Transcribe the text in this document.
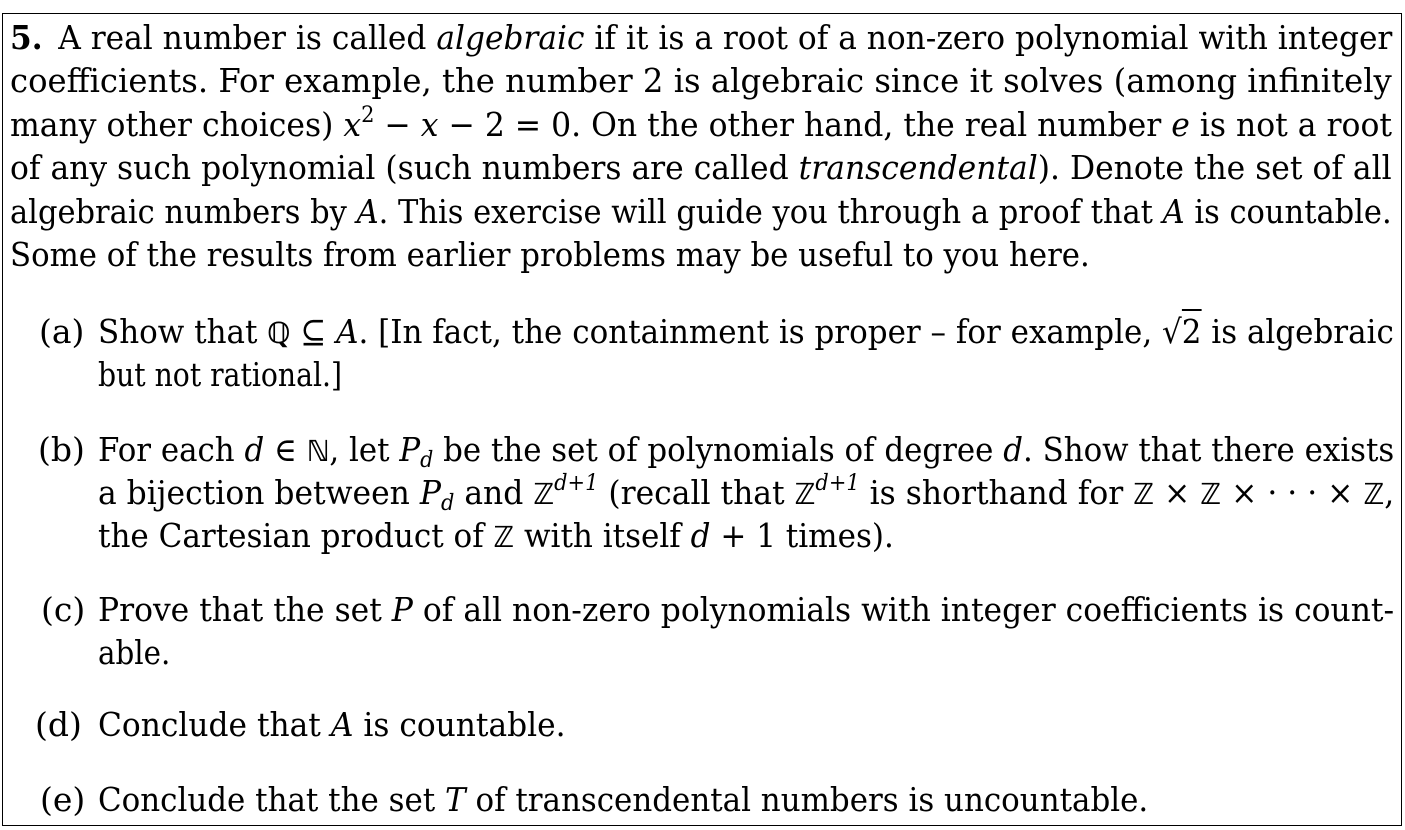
5.  A real number is called algebraic if it is a root of a non-zero polynomial with integer
coefficients. For example, the number 2 is algebraic since it solves (among infinitely
many other choices) $x^2 - x - 2 = 0$. On the other hand, the real number e is not a root
of any such polynomial (such numbers are called transcendental). Denote the set of all
algebraic numbers by A. This exercise will guide you through a proof that A is countable.
Some of the results from earlier problems may be useful to you here.
(a) Show that ℚ ⊆ A. [In fact, the containment is proper – for example, √2 is algebraic
but not rational.]
(b) For each d ∈ ℕ, let $P_d$ be the set of polynomials of degree d. Show that there exists
a bijection between $P_d$ and ℤ$^{d+1}$ (recall that ℤ$^{d+1}$ is shorthand for ℤ × ℤ × · · · × ℤ,
the Cartesian product of ℤ with itself d + 1 times).
(c) Prove that the set P of all non-zero polynomials with integer coefficients is count-
able.
(d) Conclude that A is countable.
(e) Conclude that the set T of transcendental numbers is uncountable.
